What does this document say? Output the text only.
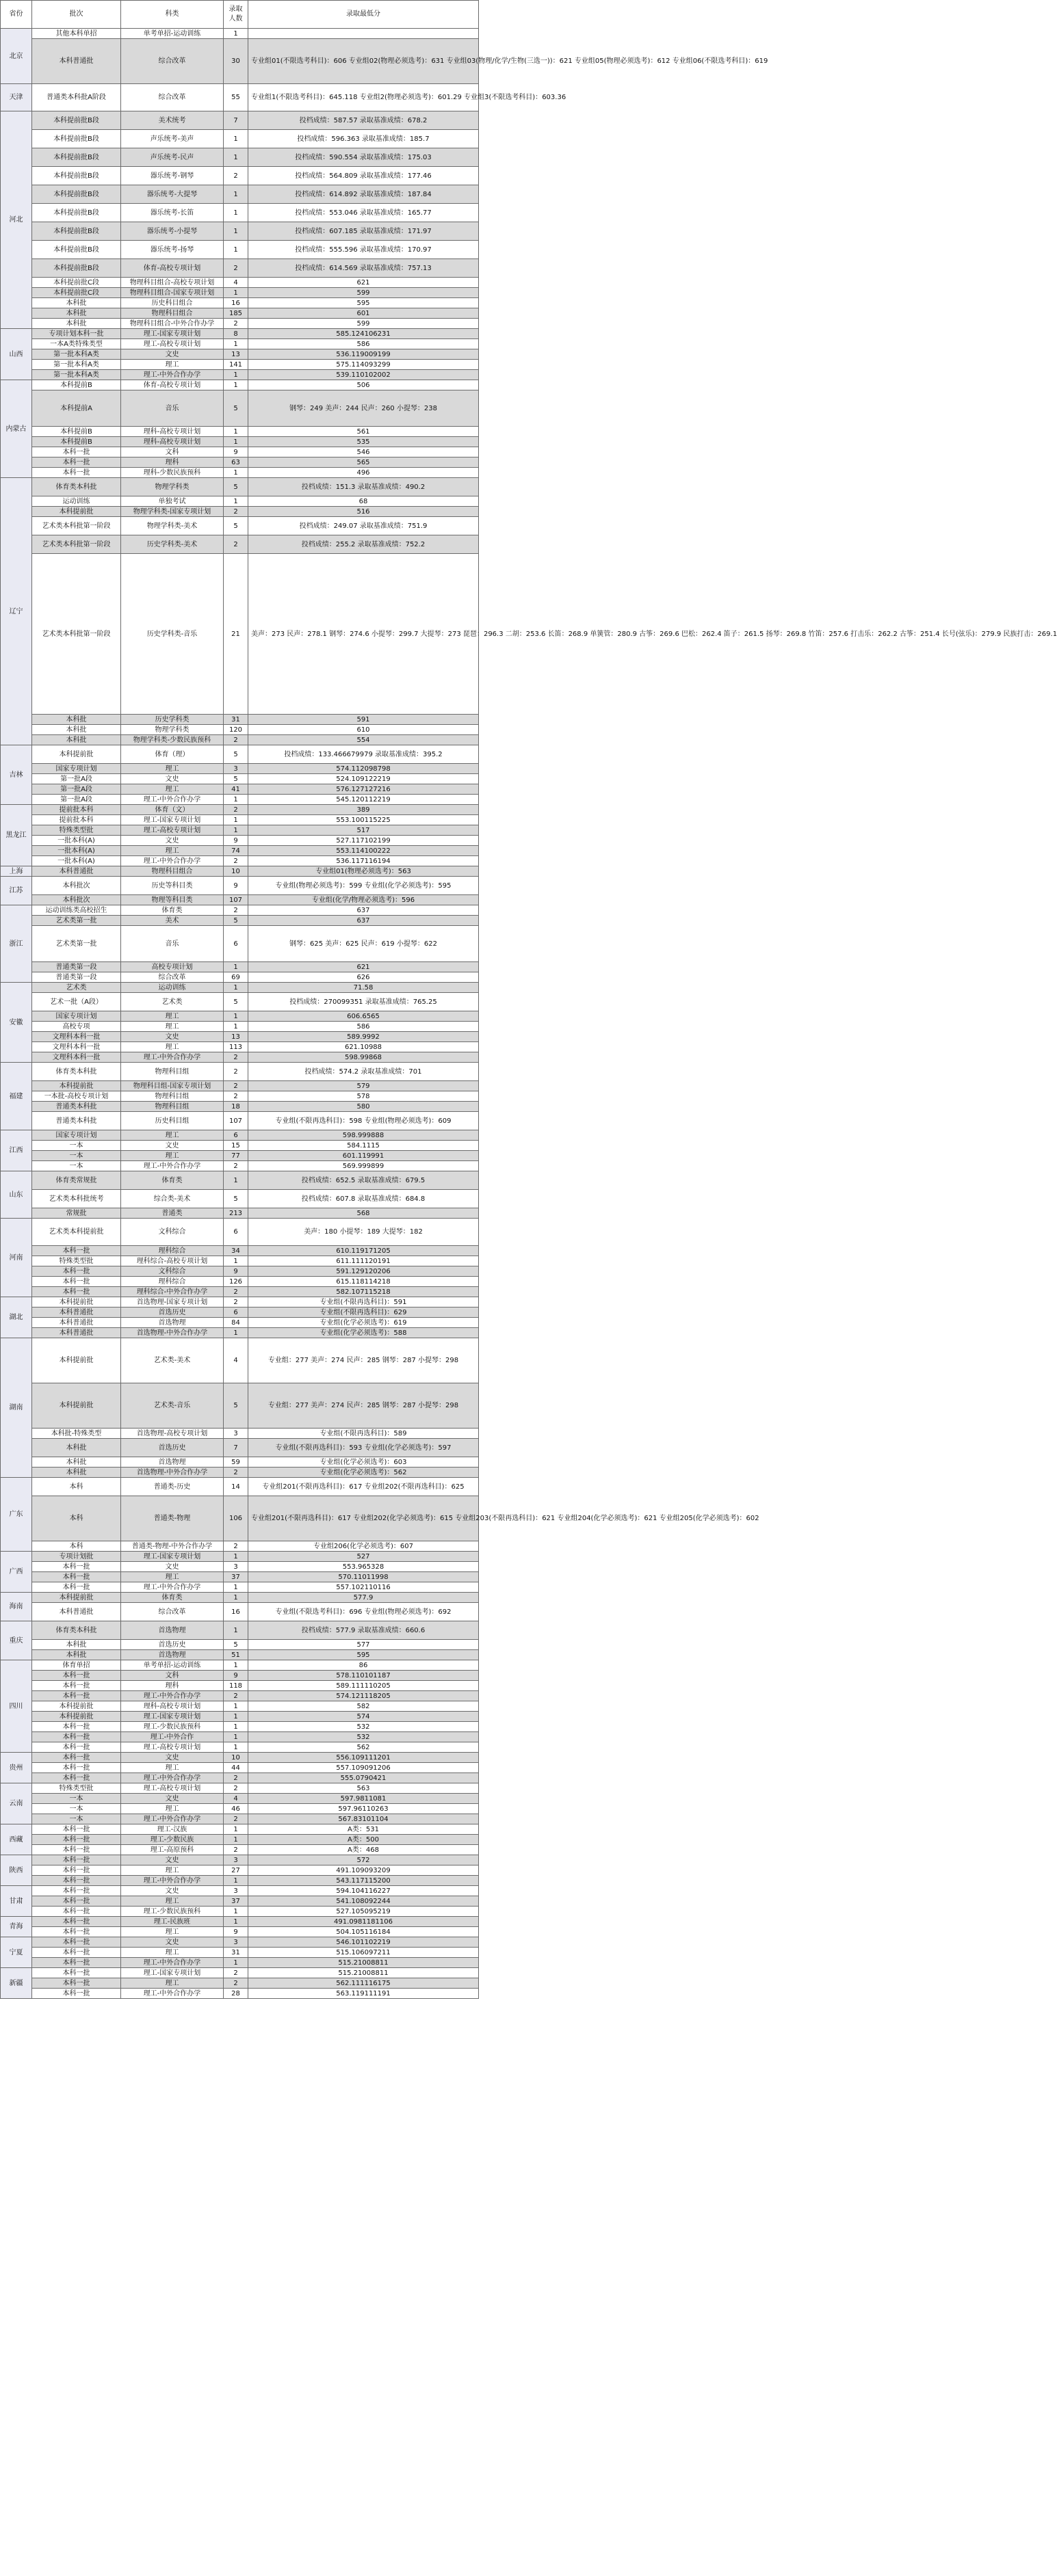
省份	批次	科类	录取人数	录取最低分
北京	其他本科单招	单考单招-运动训练	1	
	本科普通批	综合改革	30	专业组01(不限选考科目)：606 专业组02(物理必须选考)：631 专业组03(物理/化学/生物(三选一))：621 专业组05(物理必须选考)：612 专业组06(不限选考科目)：619
天津	普通类本科批A阶段	综合改革	55	专业组1(不限选考科目)：645.118 专业组2(物理必须选考)：601.29 专业组3(不限选考科目)：603.36
河北	本科提前批B段	美术统考	7	投档成绩：587.57 录取基准成绩：678.2
	本科提前批B段	声乐统考-美声	1	投档成绩：596.363 录取基准成绩：185.7
	本科提前批B段	声乐统考-民声	1	投档成绩：590.554 录取基准成绩：175.03
	本科提前批B段	器乐统考-钢琴	2	投档成绩：564.809 录取基准成绩：177.46
	本科提前批B段	器乐统考-大提琴	1	投档成绩：614.892 录取基准成绩：187.84
	本科提前批B段	器乐统考-长笛	1	投档成绩：553.046 录取基准成绩：165.77
	本科提前批B段	器乐统考-小提琴	1	投档成绩：607.185 录取基准成绩：171.97
	本科提前批B段	器乐统考-扬琴	1	投档成绩：555.596 录取基准成绩：170.97
	本科提前批B段	体育-高校专项计划	2	投档成绩：614.569 录取基准成绩：757.13
	本科提前批C段	物理科目组合-高校专项计划	4	621
	本科提前批C段	物理科目组合-国家专项计划	1	599
	本科批	历史科目组合	16	595
	本科批	物理科目组合	185	601
	本科批	物理科目组合-中外合作办学	2	599
山西	专项计划本科一批	理工-国家专项计划	8	585.124106231
	一本A类特殊类型	理工-高校专项计划	1	586
	第一批本科A类	文史	13	536.119009199
	第一批本科A类	理工	141	575.114093299
	第一批本科A类	理工-中外合作办学	1	539.110102002
内蒙古	本科提前B	体育-高校专项计划	1	506
	本科提前A	音乐	5	钢琴：249 美声：244 民声：260 小提琴：238
	本科提前B	理科-高校专项计划	1	561
	本科提前B	理科-高校专项计划	1	535
	本科一批	文科	9	546
	本科一批	理科	63	565
	本科一批	理科-少数民族预科	1	496
辽宁	体育类本科批	物理学科类	5	投档成绩：151.3 录取基准成绩：490.2
	运动训练	单独考试	1	68
	本科提前批	物理学科类-国家专项计划	2	516
	艺术类本科批第一阶段	物理学科类-美术	5	投档成绩：249.07 录取基准成绩：751.9
	艺术类本科批第一阶段	历史学科类-美术	2	投档成绩：255.2 录取基准成绩：752.2
	艺术类本科批第一阶段	历史学科类-音乐	21	美声：273 民声：278.1 钢琴：274.6 小提琴：299.7 大提琴：273 琵琶：296.3 二胡：253.6 长笛：268.9 单簧管：280.9 古筝：269.6 巴松：262.4 笛子：261.5 扬琴：269.8 竹笛：257.6 打击乐：262.2 古筝：251.4 长号(弦乐)：279.9 民族打击：269.1
	本科批	历史学科类	31	591
	本科批	物理学科类	120	610
	本科批	物理学科类-少数民族预科	2	554
吉林	本科提前批	体育（理）	5	投档成绩：133.466679979 录取基准成绩：395.2
	国家专项计划	理工	3	574.112098798
	第一批A段	文史	5	524.109122219
	第一批A段	理工	41	576.127127216
	第一批A段	理工-中外合作办学	1	545.120112219
黑龙江	提前批本科	体育（文）	2	389
	提前批本科	理工-国家专项计划	1	553.100115225
	特殊类型批	理工-高校专项计划	1	517
	一批本科(A)	文史	9	527.117102199
	一批本科(A)	理工	74	553.114100222
	一批本科(A)	理工-中外合作办学	2	536.117116194
上海	本科普通批	物理科目组合	10	专业组01(物理必须选考)：563
江苏	本科批次	历史等科目类	9	专业组(物理必须选考)：599 专业组(化学必须选考)：595
	本科批次	物理等科目类	107	专业组(化学/物理必须选考)：596
浙江	运动训练类高校招生	体育类	2	637
	艺术类第一批	美术	5	637
	艺术类第一批	音乐	6	钢琴：625 美声：625 民声：619 小提琴：622
	普通类第一段	高校专项计划	1	621
	普通类第一段	综合改革	69	626
安徽	艺术类	运动训练	1	71.58
	艺术一批（A段）	艺术类	5	投档成绩：270099351 录取基准成绩：765.25
	国家专项计划	理工	1	606.6565
	高校专项	理工	1	586
	文理科本科一批	文史	13	589.9992
	文理科本科一批	理工	113	621.10988
	文理科本科一批	理工-中外合作办学	2	598.99868
福建	体育类本科批	物理科目组	2	投档成绩：574.2 录取基准成绩：701
	本科提前批	物理科目组-国家专项计划	2	579
	一本批-高校专项计划	物理科目组	2	578
	普通类本科批	物理科目组	18	580
	普通类本科批	历史科目组	107	专业组(不限再选科目)：598 专业组(物理必须选考)：609
江西	国家专项计划	理工	6	598.999888
	一本	文史	15	584.1115
	一本	理工	77	601.119991
	一本	理工-中外合作办学	2	569.999899
山东	体育类常规批	体育类	1	投档成绩：652.5 录取基准成绩：679.5
	艺术类本科批统考	综合类-美术	5	投档成绩：607.8 录取基准成绩：684.8
	常规批	普通类	213	568
河南	艺术类本科提前批	文科综合	6	美声：180 小提琴：189 大提琴：182
	本科一批	理科综合	34	610.119171205
	特殊类型批	理科综合-高校专项计划	1	611.111120191
	本科一批	文科综合	9	591.129120206
	本科一批	理科综合	126	615.118114218
	本科一批	理科综合-中外合作办学	2	582.107115218
湖北	本科提前批	首选物理-国家专项计划	2	专业组(不限再选科目)：591
	本科普通批	首选历史	6	专业组(不限再选科目)：629
	本科普通批	首选物理	84	专业组(化学必须选考)：619
	本科普通批	首选物理-中外合作办学	1	专业组(化学必须选考)：588
湖南	本科提前批	艺术类-美术	4	专业组：277 美声：274 民声：285 钢琴：287 小提琴：298
	本科提前批	艺术类-音乐	5	专业组：277 美声：274 民声：285 钢琴：287 小提琴：298
	本科批-特殊类型	首选物理-高校专项计划	3	专业组(不限再选科目)：589
	本科批	首选历史	7	专业组(不限再选科目)：593 专业组(化学必须选考)：597
	本科批	首选物理	59	专业组(化学必须选考)：603
	本科批	首选物理-中外合作办学	2	专业组(化学必须选考)：562
广东	本科	普通类-历史	14	专业组201(不限再选科目)：617 专业组202(不限再选科目)：625
	本科	普通类-物理	106	专业组201(不限再选科目)：617 专业组202(化学必须选考)：615 专业组203(不限再选科目)：621 专业组204(化学必须选考)：621 专业组205(化学必须选考)：602
	本科	普通类-物理-中外合作办学	2	专业组206(化学必须选考)：607
广西	专项计划批	理工-国家专项计划	1	527
	本科一批	文史	3	553.965328
	本科一批	理工	37	570.11011998
	本科一批	理工-中外合作办学	1	557.102110116
海南	本科提前批	体育类	1	577.9
	本科普通批	综合改革	16	专业组(不限选考科目)：696 专业组(物理必须选考)：692
重庆	体育类本科批	首选物理	1	投档成绩：577.9 录取基准成绩：660.6
	本科批	首选历史	5	577
	本科批	首选物理	51	595
四川	体育单招	单考单招-运动训练	1	86
	本科一批	文科	9	578.110101187
	本科一批	理科	118	589.111110205
	本科一批	理工-中外合作办学	2	574.121118205
	本科提前批	理科-高校专项计划	1	582
	本科提前批	理工-国家专项计划	1	574
	本科一批	理工-少数民族预科	1	532
	本科一批	理工-中外合作	1	532
	本科一批	理工-高校专项计划	1	562
贵州	本科一批	文史	10	556.109111201
	本科一批	理工	44	557.109091206
	本科一批	理工-中外合作办学	2	555.0790421
云南	特殊类型批	理工-高校专项计划	2	563
	一本	文史	4	597.9811081
	一本	理工	46	597.96110263
	一本	理工-中外合作办学	2	567.83101104
西藏	本科一批	理工-汉族	1	A类：531
	本科一批	理工-少数民族	1	A类：500
	本科一批	理工-高原预科	2	A类：468
陕西	本科一批	文史	3	572
	本科一批	理工	27	491.109093209
	本科一批	理工-中外合作办学	1	543.117115200
甘肃	本科一批	文史	3	594.104116227
	本科一批	理工	37	541.108092244
	本科一批	理工-少数民族预科	1	527.105095219
青海	本科一批	理工-民族班	1	491.0981181106
	本科一批	理工	9	504.105116184
宁夏	本科一批	文史	3	546.101102219
	本科一批	理工	31	515.106097211
	本科一批	理工-中外合作办学	1	515.21008811
新疆	本科一批	理工-国家专项计划	2	515.21008811
	本科一批	理工	2	562.111116175
	本科一批	理工-中外合作办学	28	563.119111191
